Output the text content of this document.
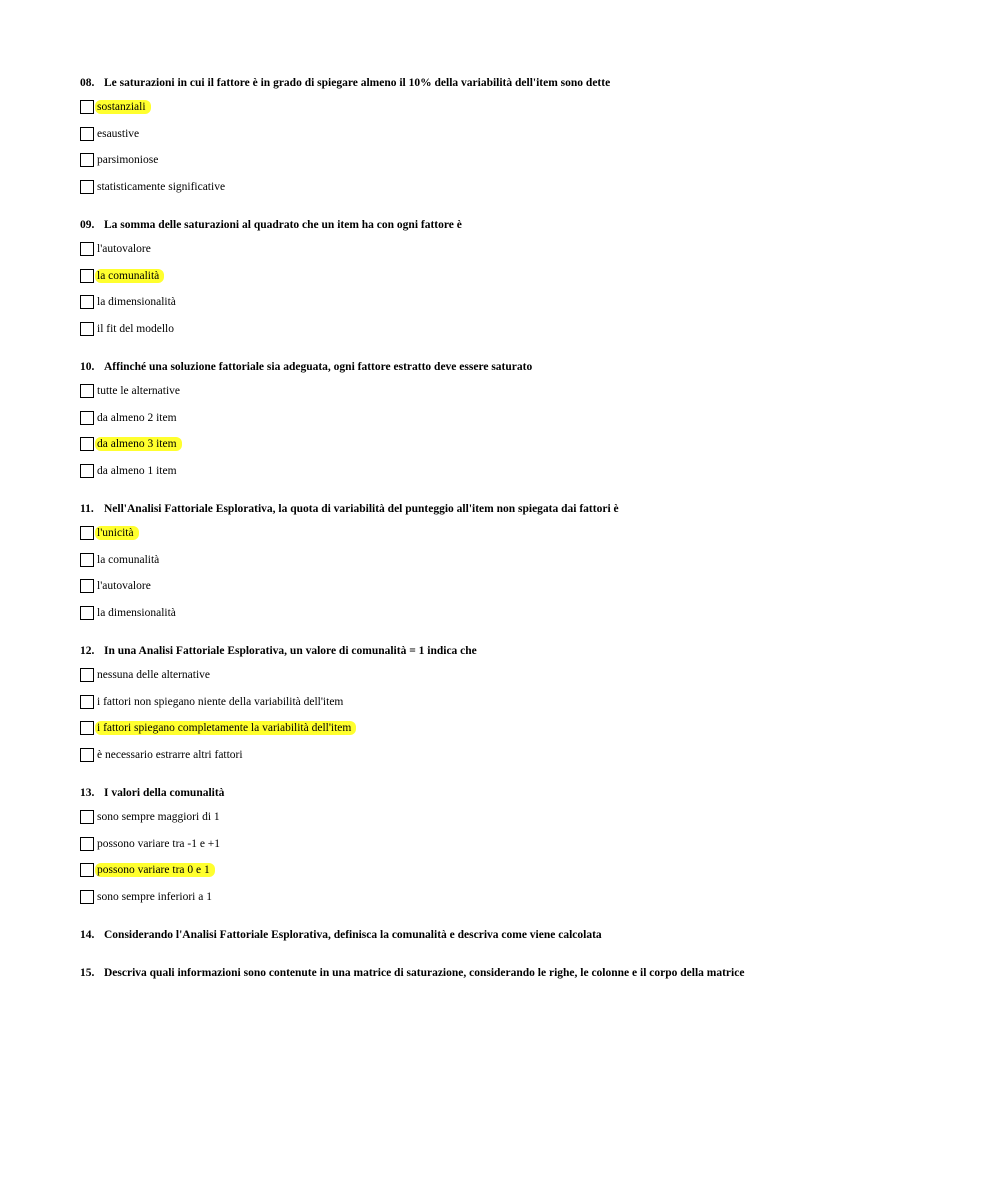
08. Le saturazioni in cui il fattore è in grado di spiegare almeno il 10% della variabilità dell'item sono dette
sostanziali
esaustive
parsimoniose
statisticamente significative
09. La somma delle saturazioni al quadrato che un item ha con ogni fattore è
l'autovalore
la comunalità
la dimensionalità
il fit del modello
10. Affinché una soluzione fattoriale sia adeguata, ogni fattore estratto deve essere saturato
tutte le alternative
da almeno 2 item
da almeno 3 item
da almeno 1 item
11. Nell'Analisi Fattoriale Esplorativa, la quota di variabilità del punteggio all'item non spiegata dai fattori è
l'unicità
la comunalità
l'autovalore
la dimensionalità
12. In una Analisi Fattoriale Esplorativa, un valore di comunalità = 1 indica che
nessuna delle alternative
i fattori non spiegano niente della variabilità dell'item
i fattori spiegano completamente la variabilità dell'item
è necessario estrarre altri fattori
13. I valori della comunalità
sono sempre maggiori di 1
possono variare tra -1 e +1
possono variare tra 0 e 1
sono sempre inferiori a 1
14. Considerando l'Analisi Fattoriale Esplorativa, definisca la comunalità e descriva come viene calcolata
15. Descriva quali informazioni sono contenute in una matrice di saturazione, considerando le righe, le colonne e il corpo della matrice
